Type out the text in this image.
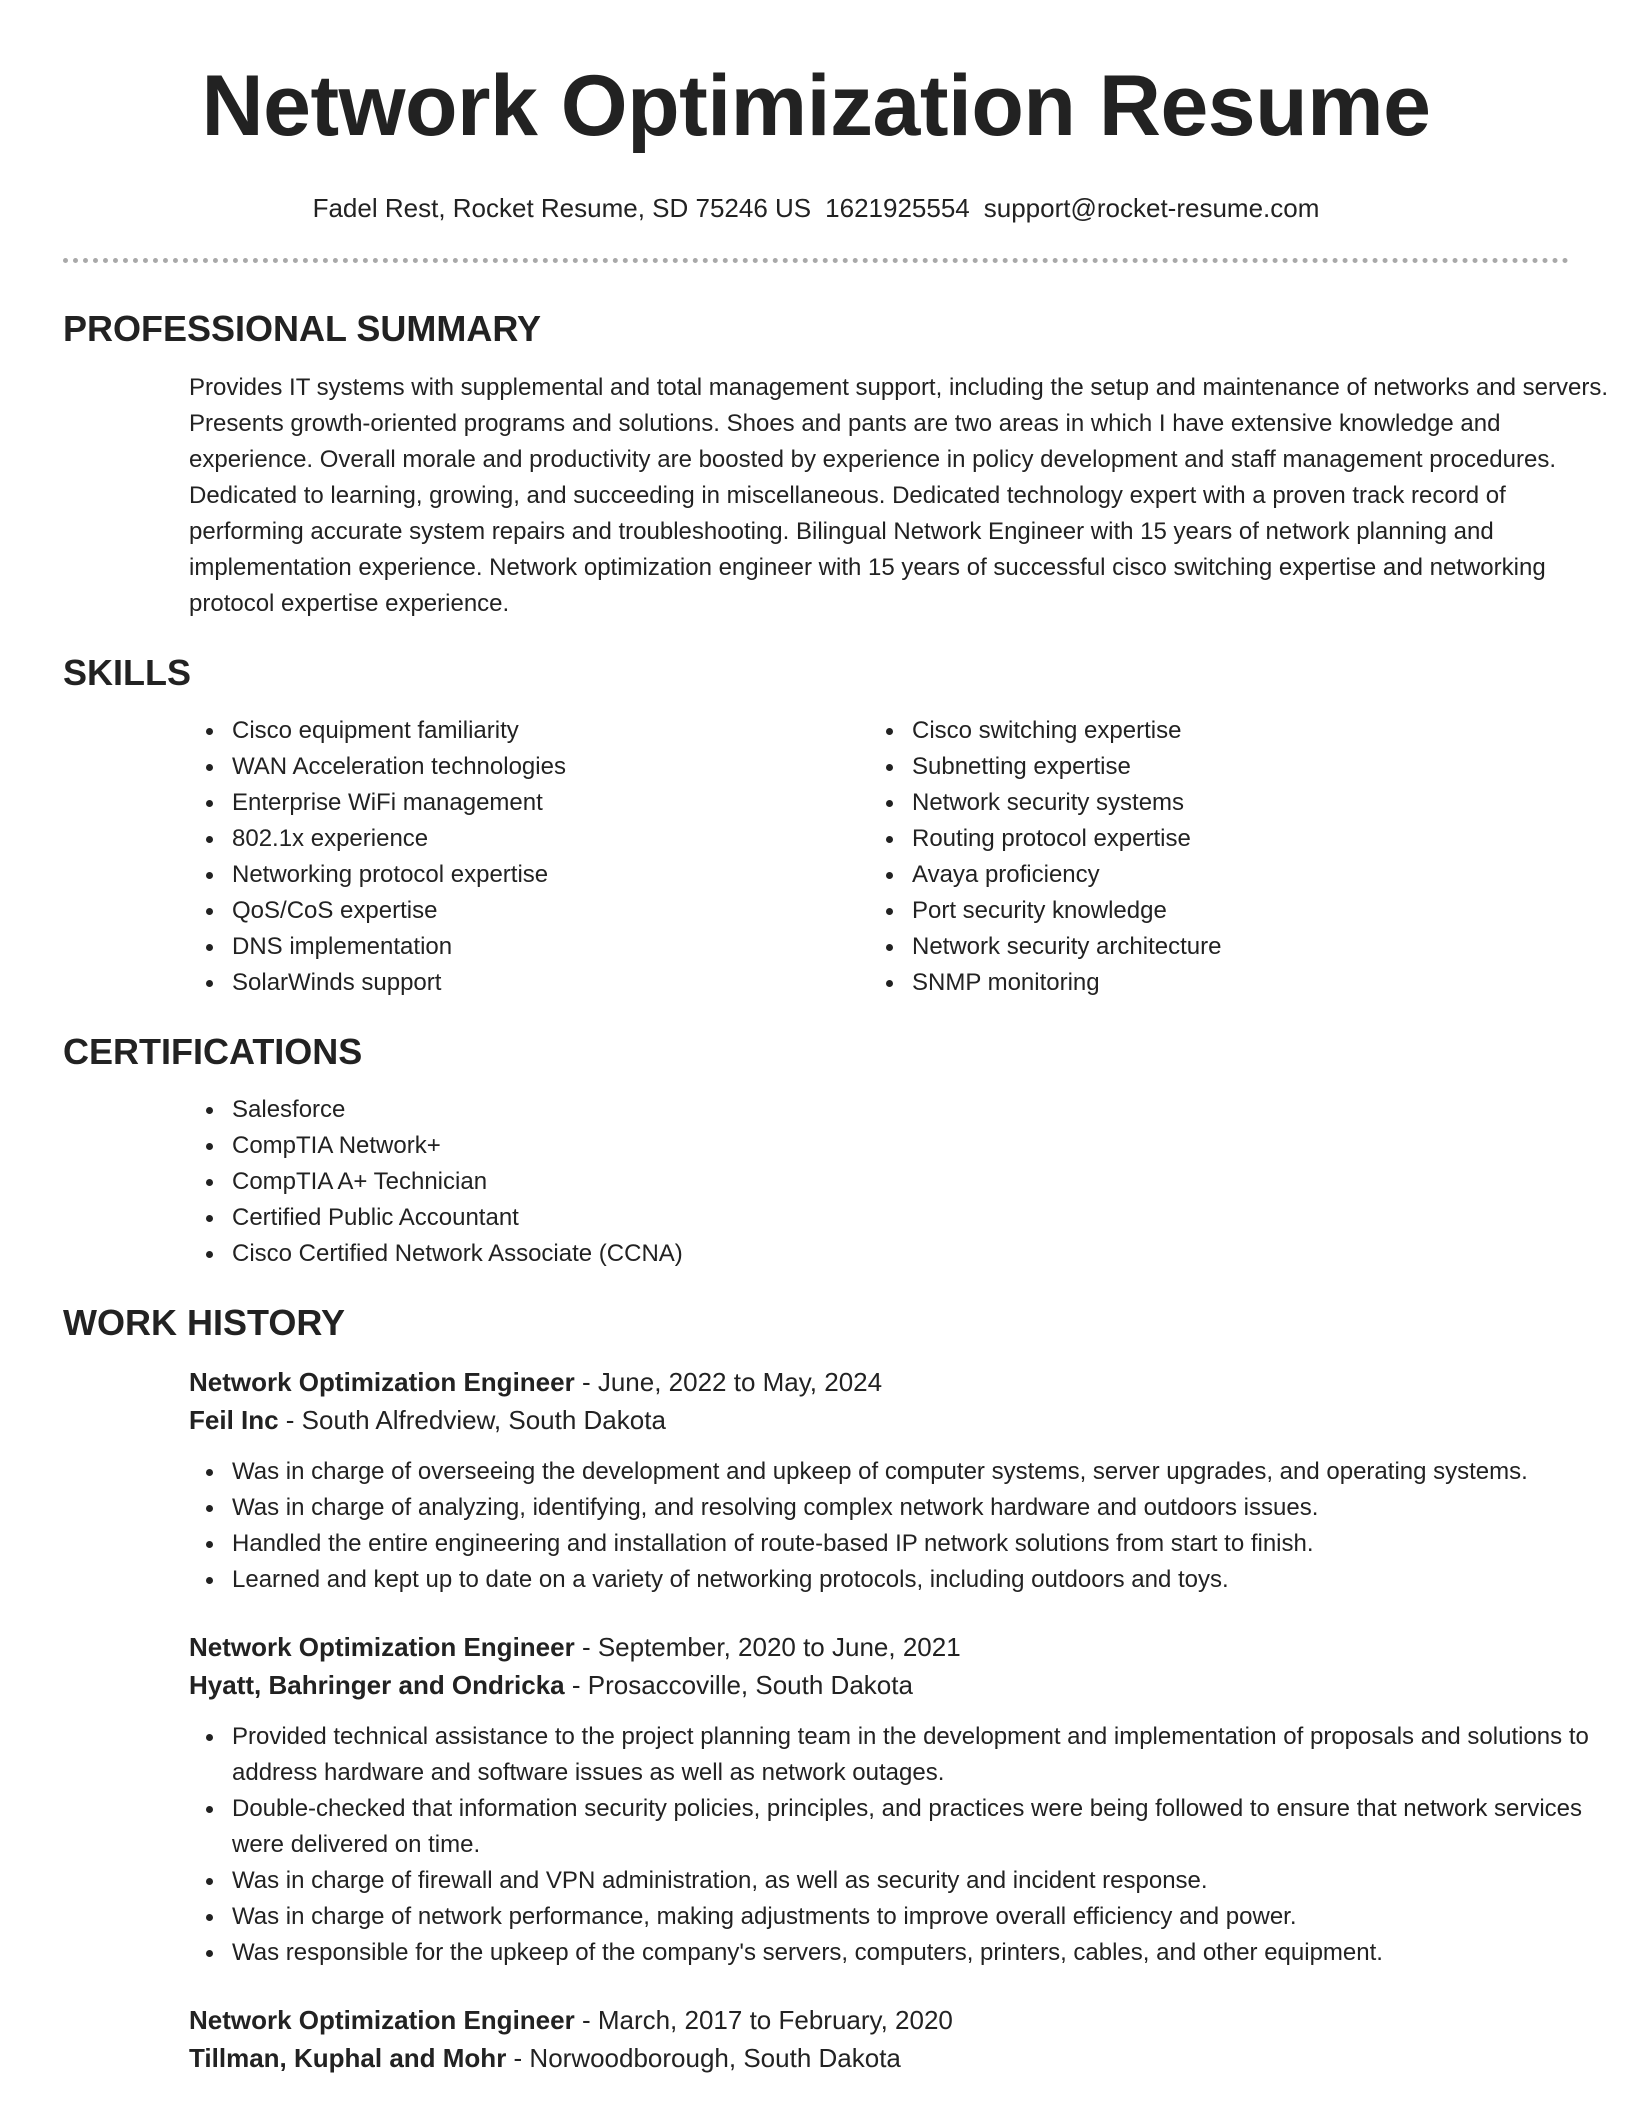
Network Optimization Resume
Fadel Rest, Rocket Resume, SD 75246 US 1621925554 support@rocket-resume.com
PROFESSIONAL SUMMARY

Provides IT systems with supplemental and total management support, including the setup and maintenance of networks and servers. Presents growth-oriented programs and solutions. Shoes and pants are two areas in which I have extensive knowledge and experience. Overall morale and productivity are boosted by experience in policy development and staff management procedures. Dedicated to learning, growing, and succeeding in miscellaneous. Dedicated technology expert with a proven track record of performing accurate system repairs and troubleshooting. Bilingual Network Engineer with 15 years of network planning and implementation experience. Network optimization engineer with 15 years of successful cisco switching expertise and networking protocol expertise experience.

SKILLS
Cisco equipment familiarity
WAN Acceleration technologies
Enterprise WiFi management
802.1x experience
Networking protocol expertise
QoS/CoS expertise
DNS implementation
SolarWinds support
Cisco switching expertise
Subnetting expertise
Network security systems
Routing protocol expertise
Avaya proficiency
Port security knowledge
Network security architecture
SNMP monitoring
CERTIFICATIONS
Salesforce
CompTIA Network+
CompTIA A+ Technician
Certified Public Accountant
Cisco Certified Network Associate (CCNA)
WORK HISTORY
Network Optimization Engineer - June, 2022 to May, 2024
Feil Inc - South Alfredview, South Dakota
Was in charge of overseeing the development and upkeep of computer systems, server upgrades, and operating systems.
Was in charge of analyzing, identifying, and resolving complex network hardware and outdoors issues.
Handled the entire engineering and installation of route-based IP network solutions from start to finish.
Learned and kept up to date on a variety of networking protocols, including outdoors and toys.
Network Optimization Engineer - September, 2020 to June, 2021
Hyatt, Bahringer and Ondricka - Prosaccoville, South Dakota
Provided technical assistance to the project planning team in the development and implementation of proposals and solutions to address hardware and software issues as well as network outages.
Double-checked that information security policies, principles, and practices were being followed to ensure that network services were delivered on time.
Was in charge of firewall and VPN administration, as well as security and incident response.
Was in charge of network performance, making adjustments to improve overall efficiency and power.
Was responsible for the upkeep of the company's servers, computers, printers, cables, and other equipment.
Network Optimization Engineer - March, 2017 to February, 2020
Tillman, Kuphal and Mohr - Norwoodborough, South Dakota
